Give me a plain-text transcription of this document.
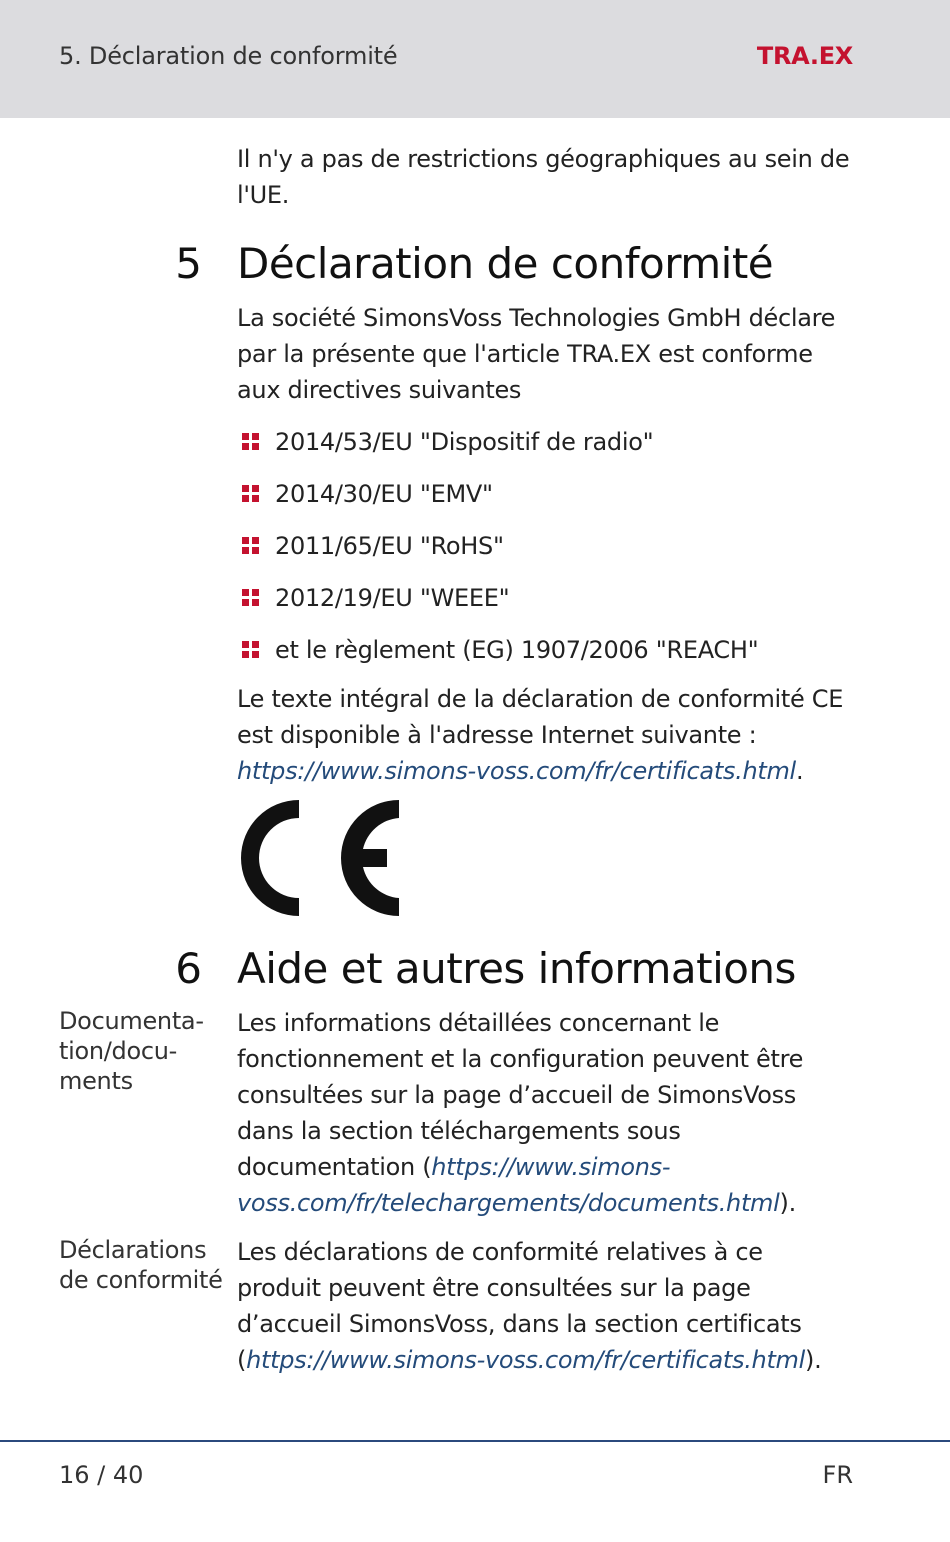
5. Déclaration de conformité	TRA.EX

Il n'y a pas de restrictions géographiques au sein de l'UE.

5 Déclaration de conformité

La société SimonsVoss Technologies GmbH déclare par la présente que l'article TRA.EX est conforme aux directives suivantes

2014/53/EU "Dispositif de radio"
2014/30/EU "EMV"
2011/65/EU "RoHS"
2012/19/EU "WEEE"
et le règlement (EG) 1907/2006 "REACH"

Le texte intégral de la déclaration de conformité CE est disponible à l'adresse Internet suivante : https://www.simons-voss.com/fr/certificats.html.

6 Aide et autres informations
Documenta-tion/docu-ments

Les informations détaillées concernant le fonctionnement et la configuration peuvent être consultées sur la page d’accueil de SimonsVoss dans la section téléchargements sous documentation (https://www.simons-voss.com/fr/telechargements/documents.html).

Déclarations de conformité

Les déclarations de conformité relatives à ce produit peuvent être consultées sur la page d’accueil SimonsVoss, dans la section certificats (https://www.simons-voss.com/fr/certificats.html).

16 / 40	FR
